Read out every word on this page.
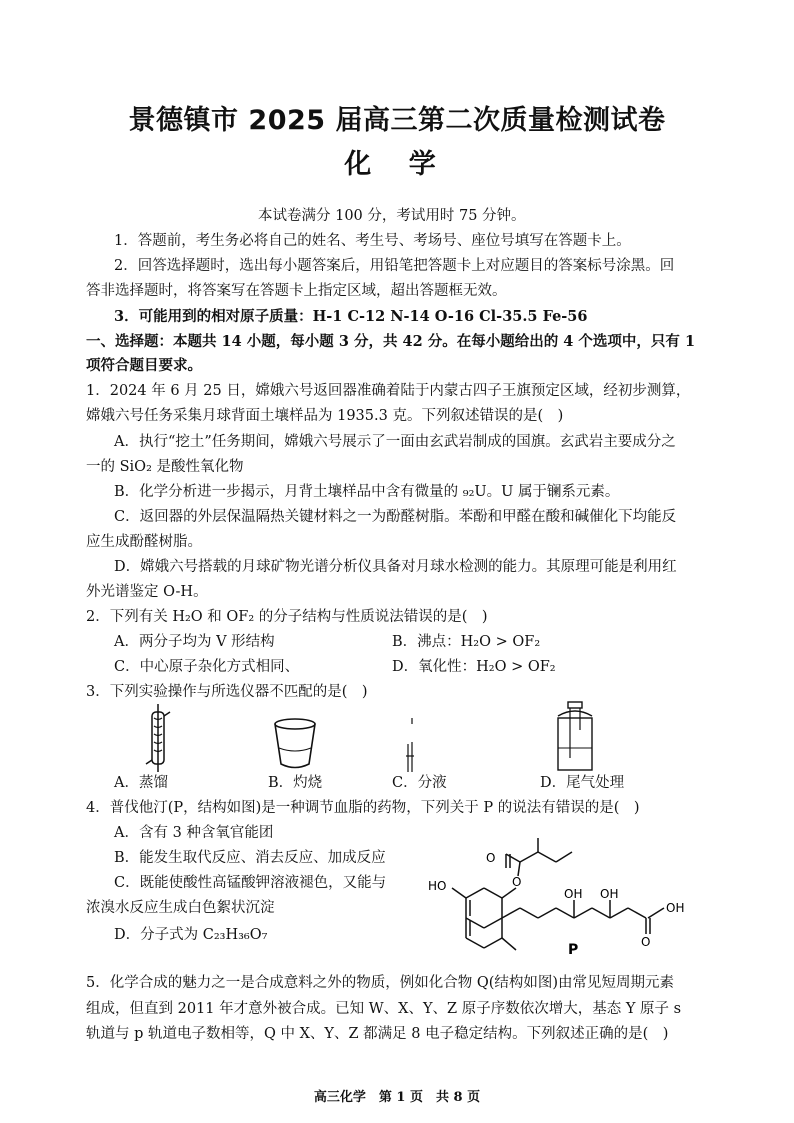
景德镇市 2025 届高三第二次质量检测试卷
化 学
本试卷满分 100 分，考试用时 75 分钟。
1．答题前，考生务必将自己的姓名、考生号、考场号、座位号填写在答题卡上。
2．回答选择题时，选出每小题答案后，用铅笔把答题卡上对应题目的答案标号涂黑。回
答非选择题时，将答案写在答题卡上指定区域，超出答题框无效。
3．可能用到的相对原子质量：H-1 C-12 N-14 O-16 Cl-35.5 Fe-56
一、选择题：本题共 14 小题，每小题 3 分，共 42 分。在每小题给出的 4 个选项中，只有 1
项符合题目要求。
1．2024 年 6 月 25 日，嫦娥六号返回器准确着陆于内蒙古四子王旗预定区域，经初步测算，
嫦娥六号任务采集月球背面土壤样品为 1935.3 克。下列叙述错误的是(　)
A．执行“挖土”任务期间，嫦娥六号展示了一面由玄武岩制成的国旗。玄武岩主要成分之
一的 SiO₂ 是酸性氧化物
B．化学分析进一步揭示，月背土壤样品中含有微量的 ₉₂U。U 属于镧系元素。
C．返回器的外层保温隔热关键材料之一为酚醛树脂。苯酚和甲醛在酸和碱催化下均能反
应生成酚醛树脂。
D．嫦娥六号搭载的月球矿物光谱分析仪具备对月球水检测的能力。其原理可能是利用红
外光谱鉴定 O-H。
2．下列有关 H₂O 和 OF₂ 的分子结构与性质说法错误的是(　)
A．两分子均为 V 形结构	B．沸点：H₂O > OF₂
C．中心原子杂化方式相同、	D．氧化性：H₂O > OF₂
3．下列实验操作与所选仪器不匹配的是(　)
A．蒸馏	B．灼烧	C．分液	D．尾气处理
4．普伐他汀(P，结构如图)是一种调节血脂的药物，下列关于 P 的说法有错误的是(　)
A．含有 3 种含氧官能团
B．能发生取代反应、消去反应、加成反应
C．既能使酸性高锰酸钾溶液褪色，又能与
浓溴水反应生成白色絮状沉淀
D．分子式为 C₂₃H₃₆O₇
O
O
HO
OH OH
O
OH
P
5．化学合成的魅力之一是合成意料之外的物质，例如化合物 Q(结构如图)由常见短周期元素
组成，但直到 2011 年才意外被合成。已知 W、X、Y、Z 原子序数依次增大，基态 Y 原子 s
轨道与 p 轨道电子数相等，Q 中 X、Y、Z 都满足 8 电子稳定结构。下列叙述正确的是(　)
高三化学　第 1 页　共 8 页
